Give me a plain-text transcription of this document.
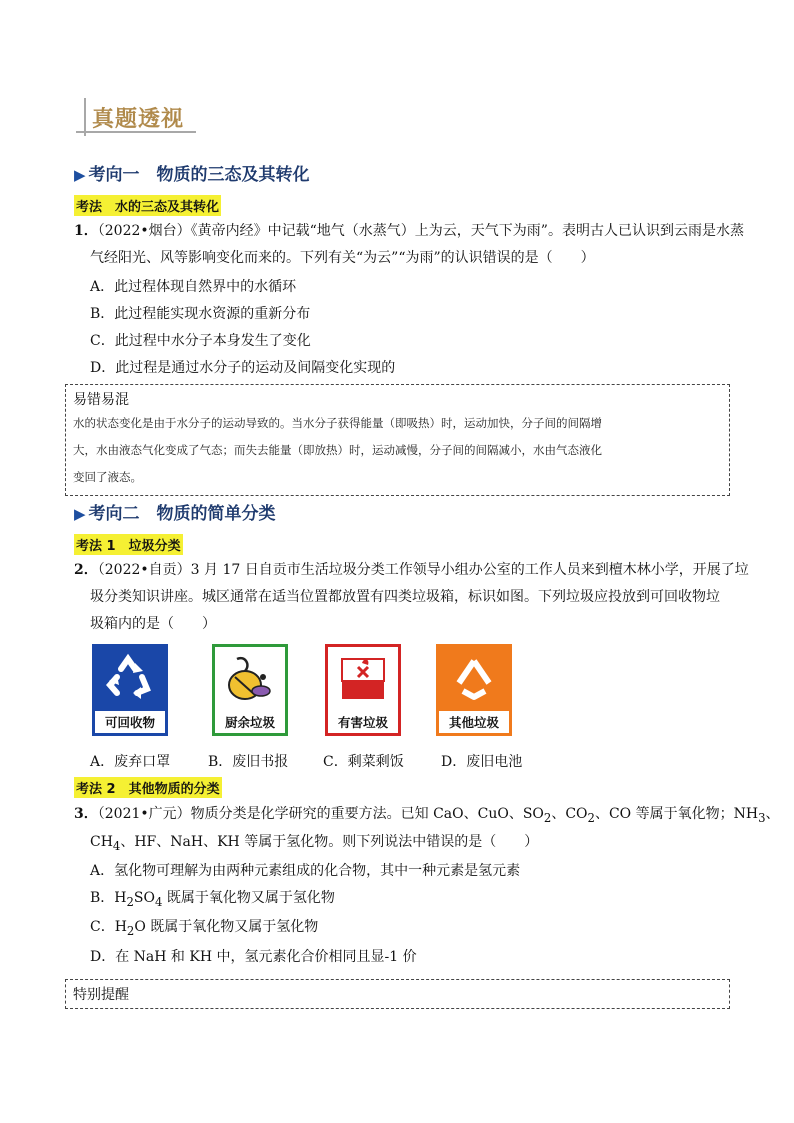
真题透视
▶ 考向一　物质的三态及其转化
考法　水的三态及其转化
1．（2022•烟台）《黄帝内经》中记载“地气（水蒸气）上为云，天气下为雨”。表明古人已认识到云雨是水蒸
气经阳光、风等影响变化而来的。下列有关“为云”“为雨”的认识错误的是（　　）
A．此过程体现自然界中的水循环
B．此过程能实现水资源的重新分布
C．此过程中水分子本身发生了变化
D．此过程是通过水分子的运动及间隔变化实现的
易错易混
水的状态变化是由于水分子的运动导致的。当水分子获得能量（即吸热）时，运动加快，分子间的间隔增
大，水由液态气化变成了气态；而失去能量（即放热）时，运动减慢，分子间的间隔减小，水由气态液化
变回了液态。
▶ 考向二　物质的简单分类
考法 1　垃圾分类
2．（2022•自贡）3 月 17 日自贡市生活垃圾分类工作领导小组办公室的工作人员来到檀木林小学，开展了垃
圾分类知识讲座。城区通常在适当位置都放置有四类垃圾箱，标识如图。下列垃圾应投放到可回收物垃
圾箱内的是（　　）
可回收物	厨余垃圾	有害垃圾	其他垃圾
A．废弃口罩	B．废旧书报 C．剩菜剩饭	D．废旧电池
考法 2　其他物质的分类
3．（2021•广元）物质分类是化学研究的重要方法。已知 CaO、CuO、$SO_2$、$CO_2$、CO 等属于氧化物；$NH_3$、
$CH_4$、HF、NaH、KH 等属于氢化物。则下列说法中错误的是（　　）
A．氢化物可理解为由两种元素组成的化合物，其中一种元素是氢元素
B．$H_2SO_4$ 既属于氧化物又属于氢化物
C．$H_2O$ 既属于氧化物又属于氢化物
D．在 NaH 和 KH 中，氢元素化合价相同且显-1 价
特别提醒
